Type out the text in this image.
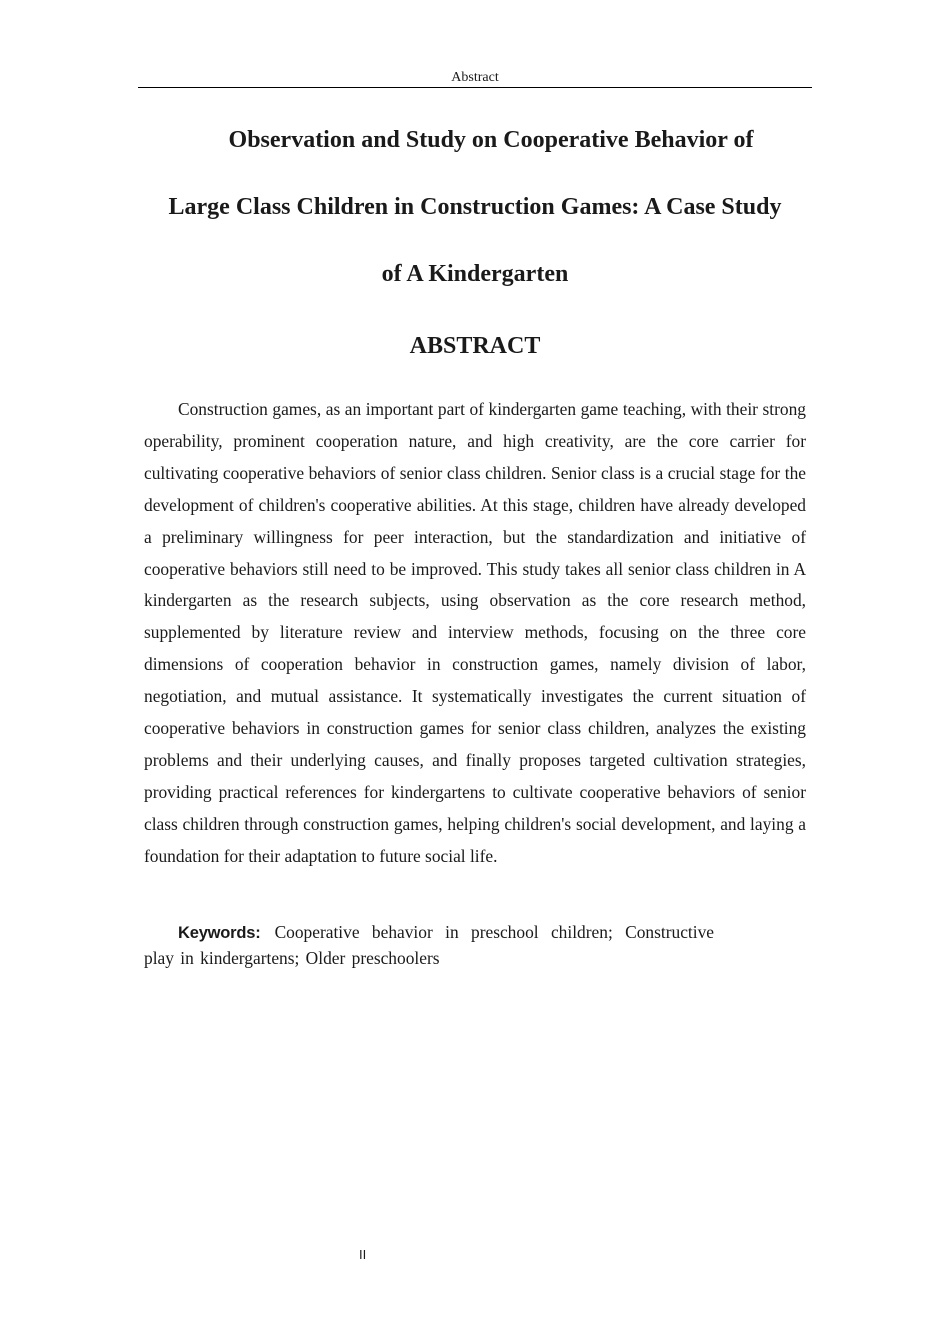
Abstract
Observation and Study on Cooperative Behavior of
Large Class Children in Construction Games: A Case Study
of A Kindergarten
ABSTRACT

Construction games, as an important part of kindergarten game teaching, with their strong operability, prominent cooperation nature, and high creativity, are the core carrier for cultivating cooperative behaviors of senior class children. Senior class is a crucial stage for the development of children's cooperative abilities. At this stage, children have already developed a preliminary willingness for peer interaction, but the standardization and initiative of cooperative behaviors still need to be improved. This study takes all senior class children in A kindergarten as the research subjects, using observation as the core research method, supplemented by literature review and interview methods, focusing on the three core dimensions of cooperation behavior in construction games, namely division of labor, negotiation, and mutual assistance. It systematically investigates the current situation of cooperative behaviors in construction games for senior class children, analyzes the existing problems and their underlying causes, and finally proposes targeted cultivation strategies, providing practical references for kindergartens to cultivate cooperative behaviors of senior class children through construction games, helping children's social development, and laying a foundation for their adaptation to future social life.

Keywords: Cooperative behavior in preschool children; Constructive play in kindergartens; Older preschoolers

II
